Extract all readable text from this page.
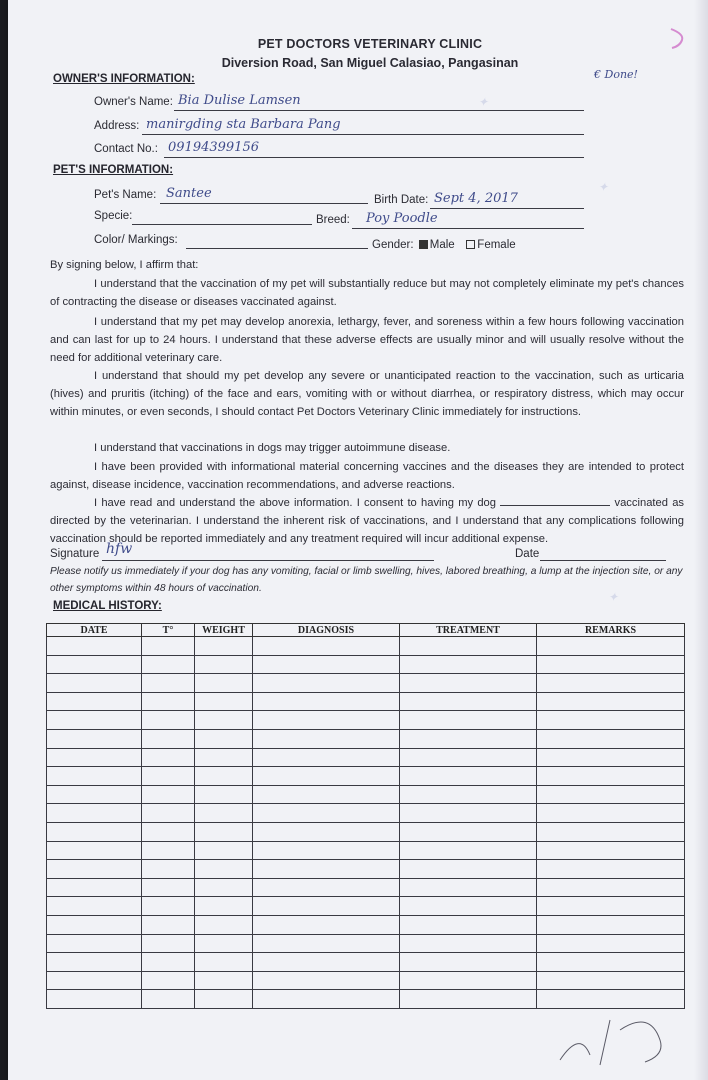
✦
✦
✦
PET DOCTORS VETERINARY CLINIC
Diversion Road, San Miguel Calasiao, Pangasinan
€ Done!
OWNER'S INFORMATION:
Owner's Name: Bia Dulise Lamsen
Address: manirgding sta Barbara Pang
Contact No.: 09194399156
PET'S INFORMATION:
Pet's Name: Santee	Birth Date: Sept 4, 2017
Specie:	Breed: Poy Poodle
Color/ Markings:	Gender: Male Female
By signing below, I affirm that:
I understand that the vaccination of my pet will substantially reduce but may not completely eliminate my pet's chances of contracting the disease or diseases vaccinated against.
I understand that my pet may develop anorexia, lethargy, fever, and soreness within a few hours following vaccination and can last for up to 24 hours. I understand that these adverse effects are usually minor and will usually resolve without the need for additional veterinary care.
I understand that should my pet develop any severe or unanticipated reaction to the vaccination, such as urticaria (hives) and pruritis (itching) of the face and ears, vomiting with or without diarrhea, or respiratory distress, which may occur within minutes, or even seconds, I should contact Pet Doctors Veterinary Clinic immediately for instructions.
I understand that vaccinations in dogs may trigger autoimmune disease.
I have been provided with informational material concerning vaccines and the diseases they are intended to protect against, disease incidence, vaccination recommendations, and adverse reactions.
I have read and understand the above information. I consent to having my dog	vaccinated as directed by the veterinarian. I understand the inherent risk of vaccinations, and I understand that any complications following vaccination should be reported immediately and any treatment required will incur additional expense.
Signature hfw	Date
Please notify us immediately if your dog has any vomiting, facial or limb swelling, hives, labored breathing, a lump at the injection site, or any other symptoms within 48 hours of vaccination.
MEDICAL HISTORY:
DATE	T°	WEIGHT	DIAGNOSIS	TREATMENT	REMARKS
